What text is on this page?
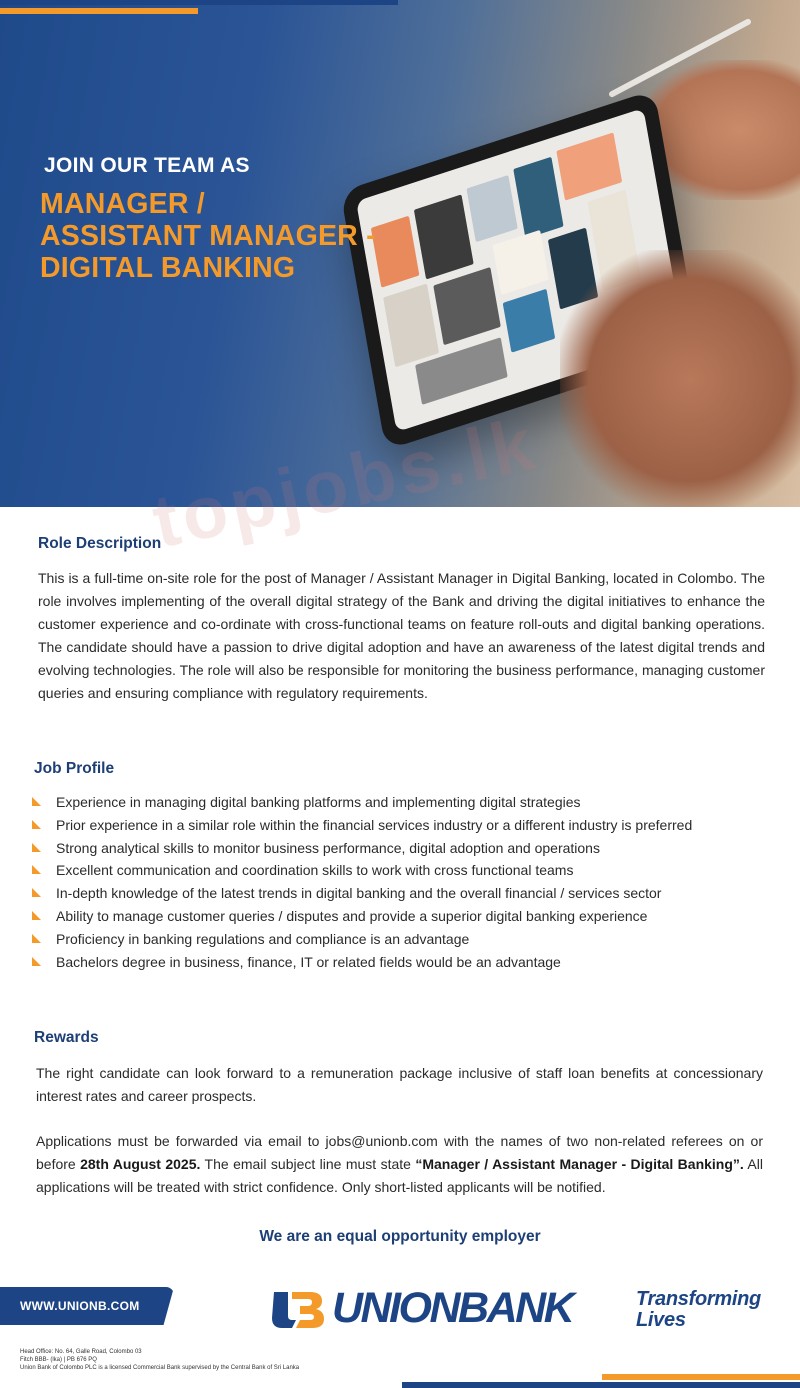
JOIN OUR TEAM AS
MANAGER /
ASSISTANT MANAGER -
DIGITAL BANKING
Role Description
This is a full-time on-site role for the post of Manager / Assistant Manager in Digital Banking, located in Colombo. The role involves implementing of the overall digital strategy of the Bank and driving the digital initiatives to enhance the customer experience and co-ordinate with cross-functional teams on feature roll-outs and digital banking operations. The candidate should have a passion to drive digital adoption and have an awareness of the latest digital trends and evolving technologies. The role will also be responsible for monitoring the business performance, managing customer queries and ensuring compliance with regulatory requirements.
Job Profile
Experience in managing digital banking platforms and implementing digital strategies
Prior experience in a similar role within the financial services industry or a different industry is preferred
Strong analytical skills to monitor business performance, digital adoption and operations
Excellent communication and coordination skills to work with cross functional teams
In-depth knowledge of the latest trends in digital banking and the overall financial / services sector
Ability to manage customer queries / disputes and provide a superior digital banking experience
Proficiency in banking regulations and compliance is an advantage
Bachelors degree in business, finance, IT or related fields would be an advantage
Rewards
The right candidate can look forward to a remuneration package inclusive of staff loan benefits at concessionary interest rates and career prospects.
Applications must be forwarded via email to jobs@unionb.com with the names of two non-related referees on or before 28th August 2025. The email subject line must state “Manager / Assistant Manager - Digital Banking”. All applications will be treated with strict confidence. Only short-listed applicants will be notified.
We are an equal opportunity employer
WWW.UNIONB.COM	UNIONBANK	Transforming
Lives
Head Office: No. 64, Galle Road, Colombo 03
Fitch BBB- (lka) | PB 676 PQ
Union Bank of Colombo PLC is a licensed Commercial Bank supervised by the Central Bank of Sri Lanka
